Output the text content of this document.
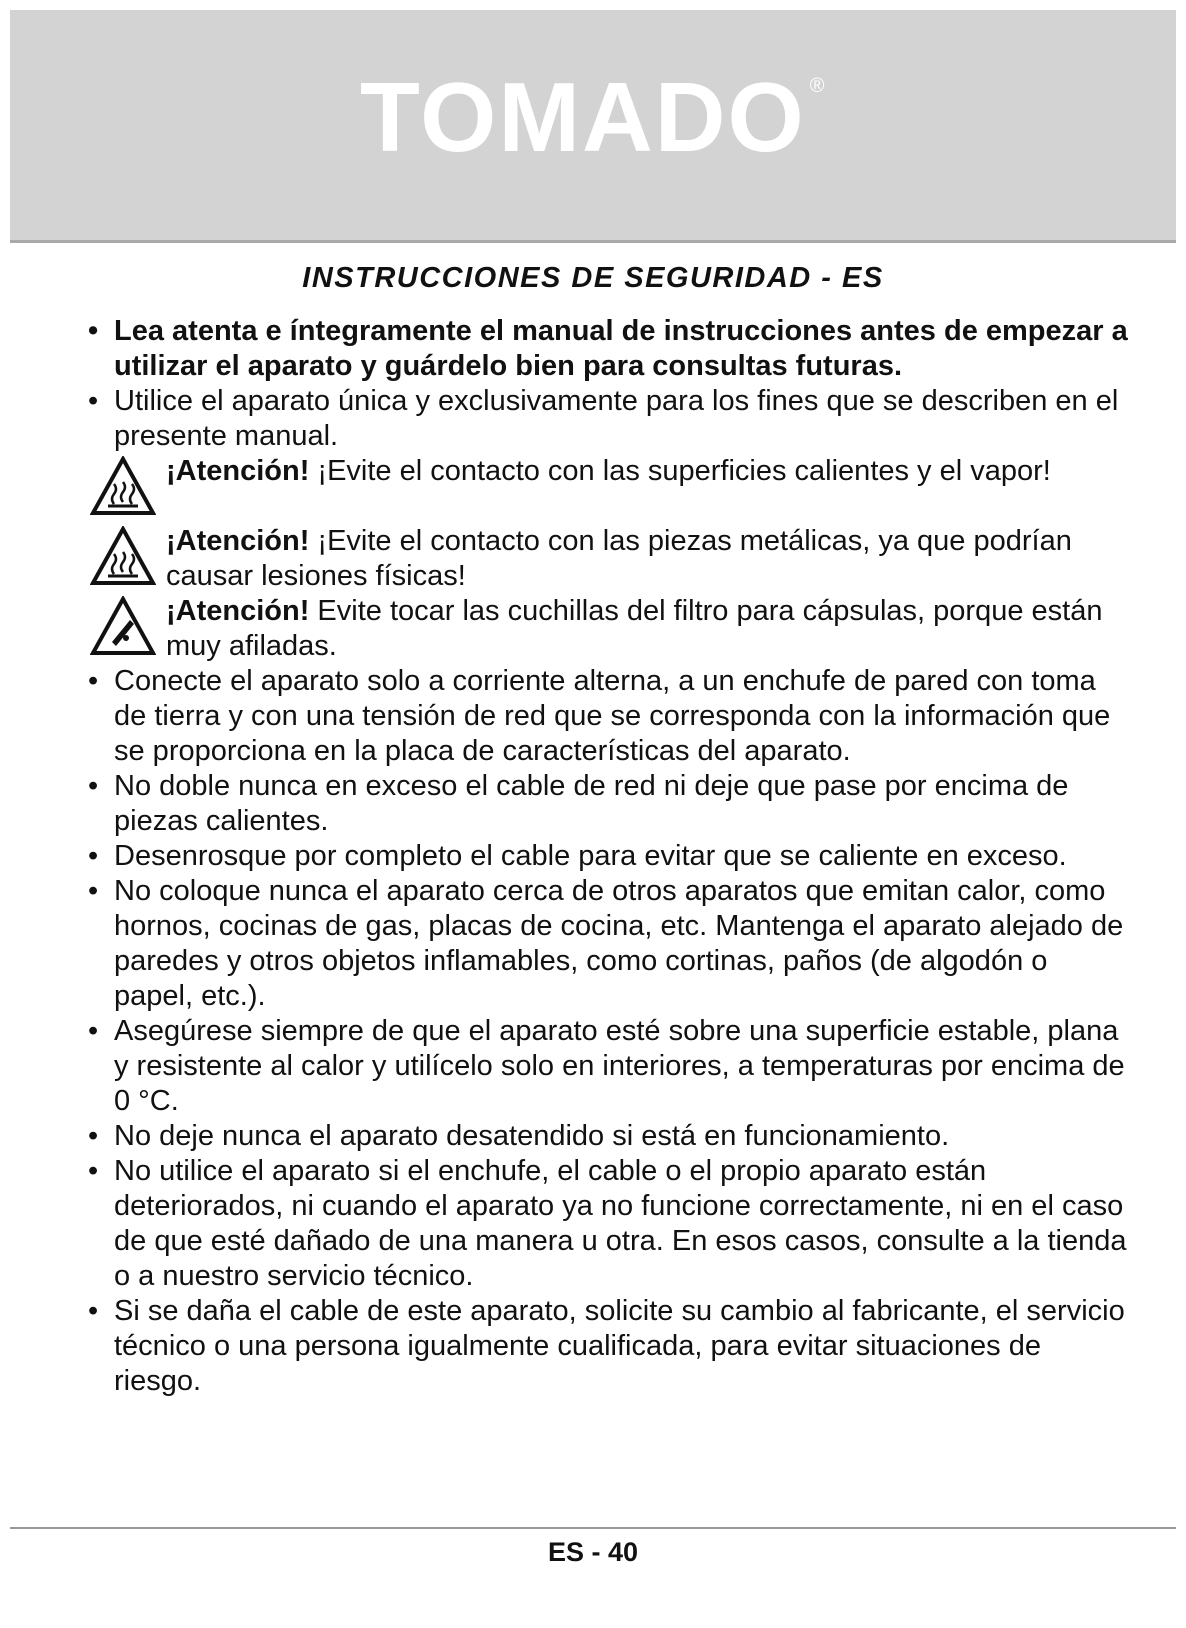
TOMADO ®
INSTRUCCIONES DE SEGURIDAD - ES
• Lea atenta e íntegramente el manual de instrucciones antes de empezar a utilizar el aparato y guárdelo bien para consultas futuras.
• Utilice el aparato única y exclusivamente para los fines que se describen en el presente manual.
¡Atención! ¡Evite el contacto con las superficies calientes y el vapor!
¡Atención! ¡Evite el contacto con las piezas metálicas, ya que podrían causar lesiones físicas!
¡Atención! Evite tocar las cuchillas del filtro para cápsulas, porque están muy afiladas.
• Conecte el aparato solo a corriente alterna, a un enchufe de pared con toma de tierra y con una tensión de red que se corresponda con la información que se proporciona en la placa de características del aparato.
• No doble nunca en exceso el cable de red ni deje que pase por encima de piezas calientes.
• Desenrosque por completo el cable para evitar que se caliente en exceso.
• No coloque nunca el aparato cerca de otros aparatos que emitan calor, como hornos, cocinas de gas, placas de cocina, etc. Mantenga el aparato alejado de paredes y otros objetos inflamables, como cortinas, paños (de algodón o papel, etc.).
• Asegúrese siempre de que el aparato esté sobre una superficie estable, plana y resistente al calor y utilícelo solo en interiores, a temperaturas por encima de 0 °C.
• No deje nunca el aparato desatendido si está en funcionamiento.
• No utilice el aparato si el enchufe, el cable o el propio aparato están deteriorados, ni cuando el aparato ya no funcione correctamente, ni en el caso de que esté dañado de una manera u otra. En esos casos, consulte a la tienda o a nuestro servicio técnico.
• Si se daña el cable de este aparato, solicite su cambio al fabricante, el servicio técnico o una persona igualmente cualificada, para evitar situaciones de riesgo.
ES - 40
